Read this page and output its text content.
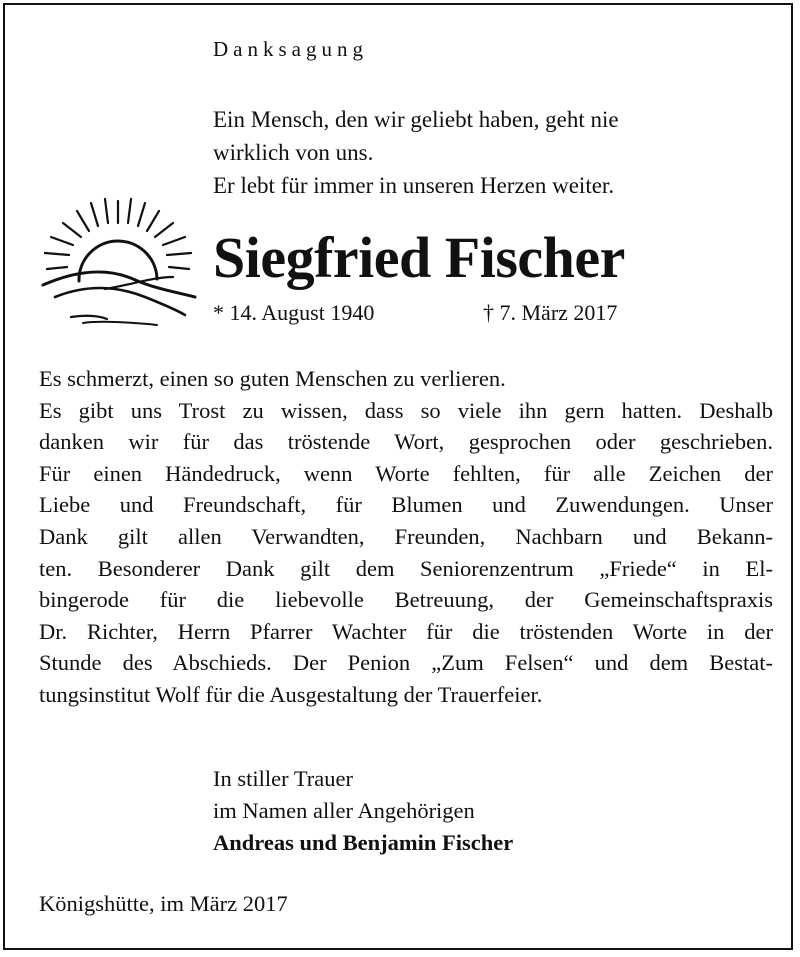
Danksagung
Ein Mensch, den wir geliebt haben, geht nie
wirklich von uns.
Er lebt für immer in unseren Herzen weiter.
Siegfried Fischer
* 14. August 1940	† 7. März 2017
Es schmerzt, einen so guten Menschen zu verlieren.
Es gibt uns Trost zu wissen, dass so viele ihn gern hatten. Deshalb
danken wir für das tröstende Wort, gesprochen oder geschrieben.
Für einen Händedruck, wenn Worte fehlten, für alle Zeichen der
Liebe und Freundschaft, für Blumen und Zuwendungen. Unser
Dank gilt allen Verwandten, Freunden, Nachbarn und Bekann-
ten. Besonderer Dank gilt dem Seniorenzentrum „Friede“ in El-
bingerode für die liebevolle Betreuung, der Gemeinschaftspraxis
Dr. Richter, Herrn Pfarrer Wachter für die tröstenden Worte in der
Stunde des Abschieds. Der Penion „Zum Felsen“ und dem Bestat-
tungsinstitut Wolf für die Ausgestaltung der Trauerfeier.
In stiller Trauer
im Namen aller Angehörigen
Andreas und Benjamin Fischer
Königshütte, im März 2017
